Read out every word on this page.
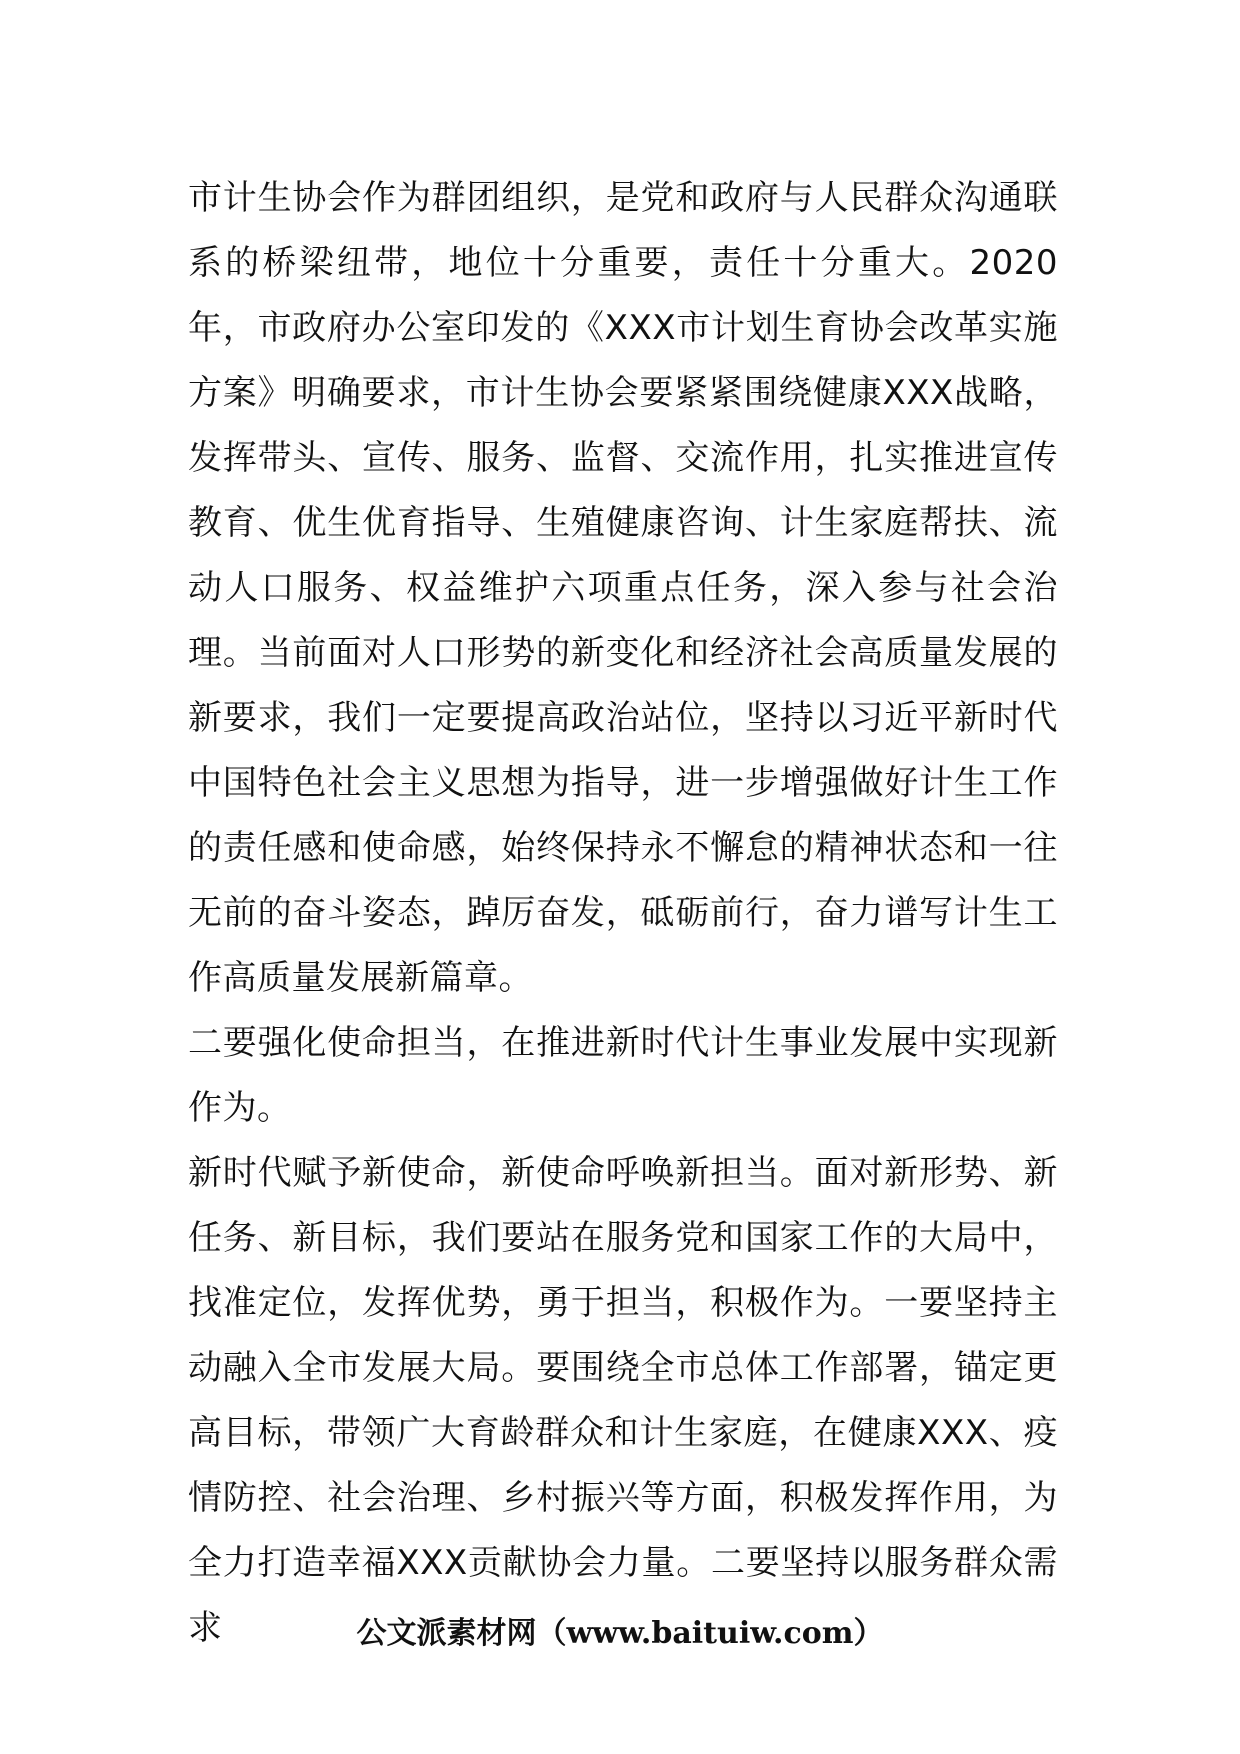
市计生协会作为群团组织，是党和政府与人民群众沟通联系的桥梁纽带，地位十分重要，责任十分重大。2020年，市政府办公室印发的《XXX市计划生育协会改革实施方案》明确要求，市计生协会要紧紧围绕健康XXX战略，发挥带头、宣传、服务、监督、交流作用，扎实推进宣传教育、优生优育指导、生殖健康咨询、计生家庭帮扶、流动人口服务、权益维护六项重点任务，深入参与社会治理。当前面对人口形势的新变化和经济社会高质量发展的新要求，我们一定要提高政治站位，坚持以习近平新时代中国特色社会主义思想为指导，进一步增强做好计生工作的责任感和使命感，始终保持永不懈怠的精神状态和一往无前的奋斗姿态，踔厉奋发，砥砺前行，奋力谱写计生工作高质量发展新篇章。

二要强化使命担当，在推进新时代计生事业发展中实现新作为。

新时代赋予新使命，新使命呼唤新担当。面对新形势、新任务、新目标，我们要站在服务党和国家工作的大局中，找准定位，发挥优势，勇于担当，积极作为。一要坚持主动融入全市发展大局。要围绕全市总体工作部署，锚定更高目标，带领广大育龄群众和计生家庭，在健康XXX、疫情防控、社会治理、乡村振兴等方面，积极发挥作用，为全力打造幸福XXX贡献协会力量。二要坚持以服务群众需求	公文派素材网（www.baituiw.com）
